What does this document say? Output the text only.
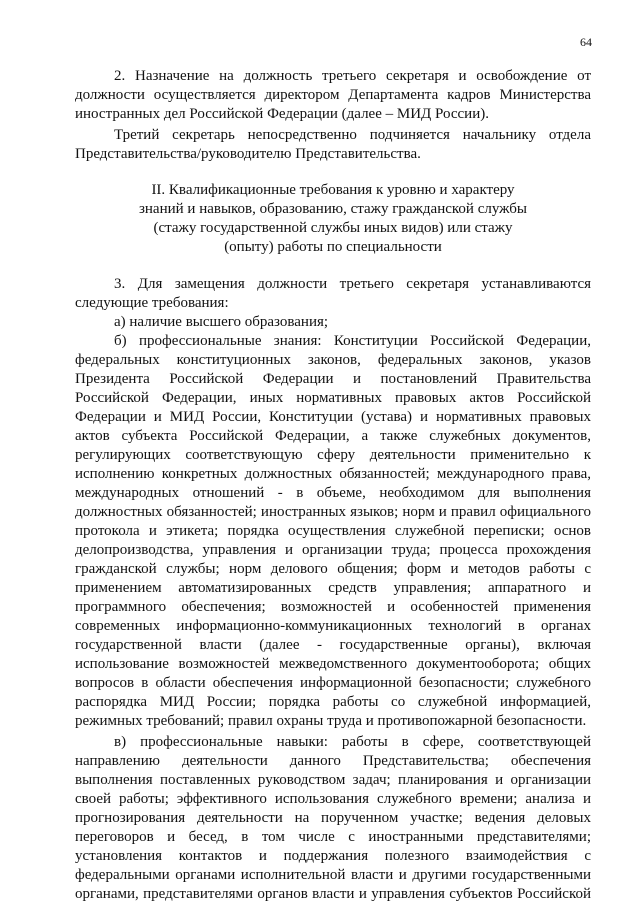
64
2. Назначение на должность третьего секретаря и освобождение от
должности осуществляется директором Департамента кадров Министерства
иностранных дел Российской Федерации (далее – МИД России).
Третий секретарь непосредственно подчиняется начальнику отдела
Представительства/руководителю Представительства.
II. Квалификационные требования к уровню и характеру
знаний и навыков, образованию, стажу гражданской службы
(стажу государственной службы иных видов) или стажу
(опыту) работы по специальности
3. Для замещения должности третьего секретаря устанавливаются
следующие требования:
а) наличие высшего образования;
б) профессиональные знания: Конституции Российской Федерации,
федеральных конституционных законов, федеральных законов, указов
Президента Российской Федерации и постановлений Правительства
Российской Федерации, иных нормативных правовых актов Российской
Федерации и МИД России, Конституции (устава) и нормативных правовых
актов субъекта Российской Федерации, а также служебных документов,
регулирующих соответствующую сферу деятельности применительно к
исполнению конкретных должностных обязанностей; международного права,
международных отношений - в объеме, необходимом для выполнения
должностных обязанностей; иностранных языков; норм и правил официального
протокола и этикета; порядка осуществления служебной переписки; основ
делопроизводства, управления и организации труда; процесса прохождения
гражданской службы; норм делового общения; форм и методов работы с
применением автоматизированных средств управления; аппаратного и
программного обеспечения; возможностей и особенностей применения
современных информационно-коммуникационных технологий в органах
государственной власти (далее - государственные органы), включая
использование возможностей межведомственного документооборота; общих
вопросов в области обеспечения информационной безопасности; служебного
распорядка МИД России; порядка работы со служебной информацией,
режимных требований; правил охраны труда и противопожарной безопасности.
в) профессиональные навыки: работы в сфере, соответствующей
направлению деятельности данного Представительства; обеспечения
выполнения поставленных руководством задач; планирования и организации
своей работы; эффективного использования служебного времени; анализа и
прогнозирования деятельности на порученном участке; ведения деловых
переговоров и бесед, в том числе с иностранными представителями;
установления контактов и поддержания полезного взаимодействия с
федеральными органами исполнительной власти и другими государственными
органами, представителями органов власти и управления субъектов Российской
